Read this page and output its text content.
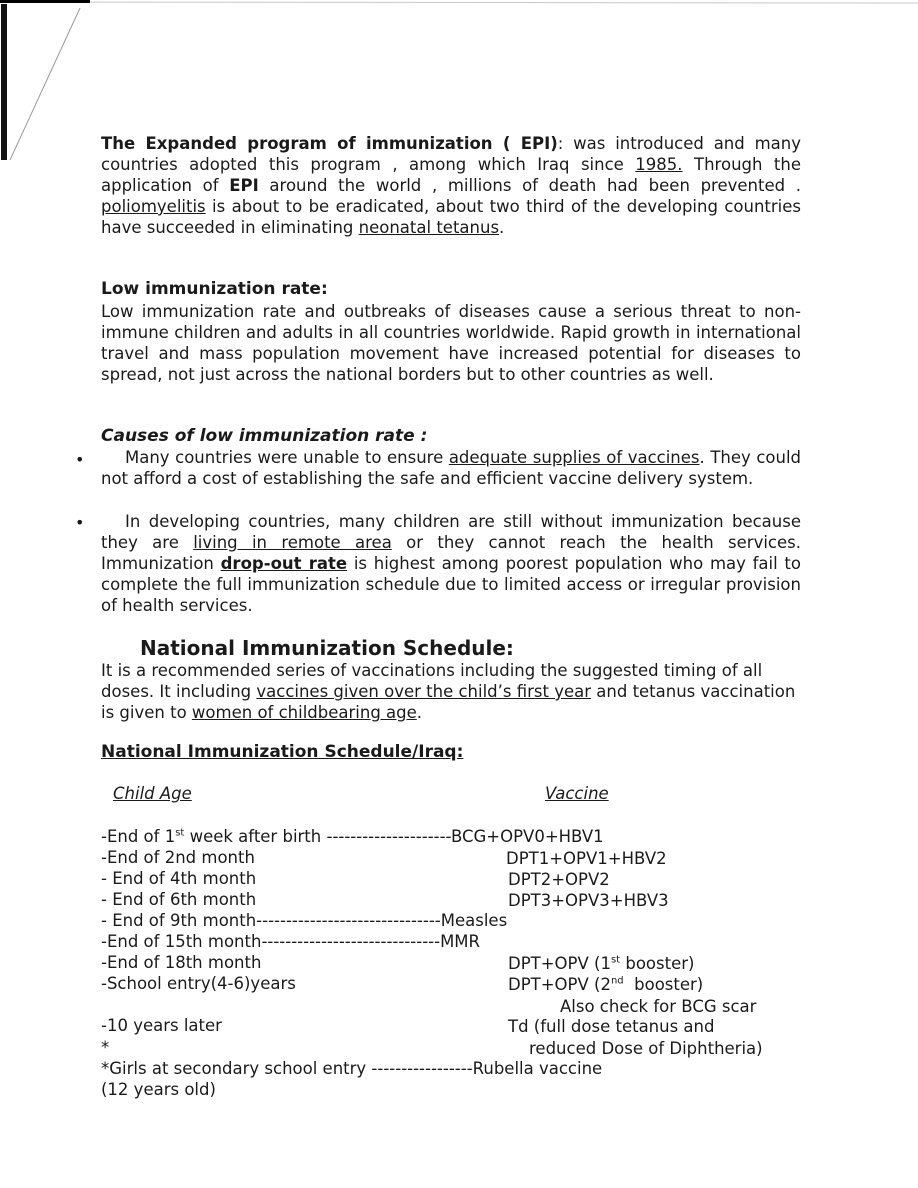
The Expanded program of immunization ( EPI): was introduced and many countries adopted this program , among which Iraq since 1985. Through the application of EPI around the world , millions of death had been prevented . poliomyelitis is about to be eradicated, about two third of the developing countries have succeeded in eliminating neonatal tetanus.

Low immunization rate:

Low immunization rate and outbreaks of diseases cause a serious threat to non-immune children and adults in all countries worldwide. Rapid growth in international travel and mass population movement have increased potential for diseases to spread, not just across the national borders but to other countries as well.

Causes of low immunization rate :
•	Many countries were unable to ensure adequate supplies of vaccines. They could not afford a cost of establishing the safe and efficient vaccine delivery system.

•	In developing countries, many children are still without immunization because they are living in remote area or they cannot reach the health services. Immunization drop-out rate is highest among poorest population who may fail to complete the full immunization schedule due to limited access or irregular provision of health services.

National Immunization Schedule:

It is a recommended series of vaccinations including the suggested timing of all doses. It including vaccines given over the child’s first year and tetanus vaccination is given to women of childbearing age.

National Immunization Schedule/Iraq:
Child Age	Vaccine
-End of 1st week after birth ---------------------BCG+OPV0+HBV1
-End of 2nd month	DPT1+OPV1+HBV2
- End of 4th month	DPT2+OPV2
- End of 6th month	DPT3+OPV3+HBV3
- End of 9th month-------------------------------Measles
-End of 15th month------------------------------MMR
-End of 18th month	DPT+OPV (1st booster)
-School entry(4-6)years	DPT+OPV (2nd  booster)
Also check for BCG scar
-10 years later	Td (full dose tetanus and
*	reduced Dose of Diphtheria)
*Girls at secondary school entry -----------------Rubella vaccine
(12 years old)
